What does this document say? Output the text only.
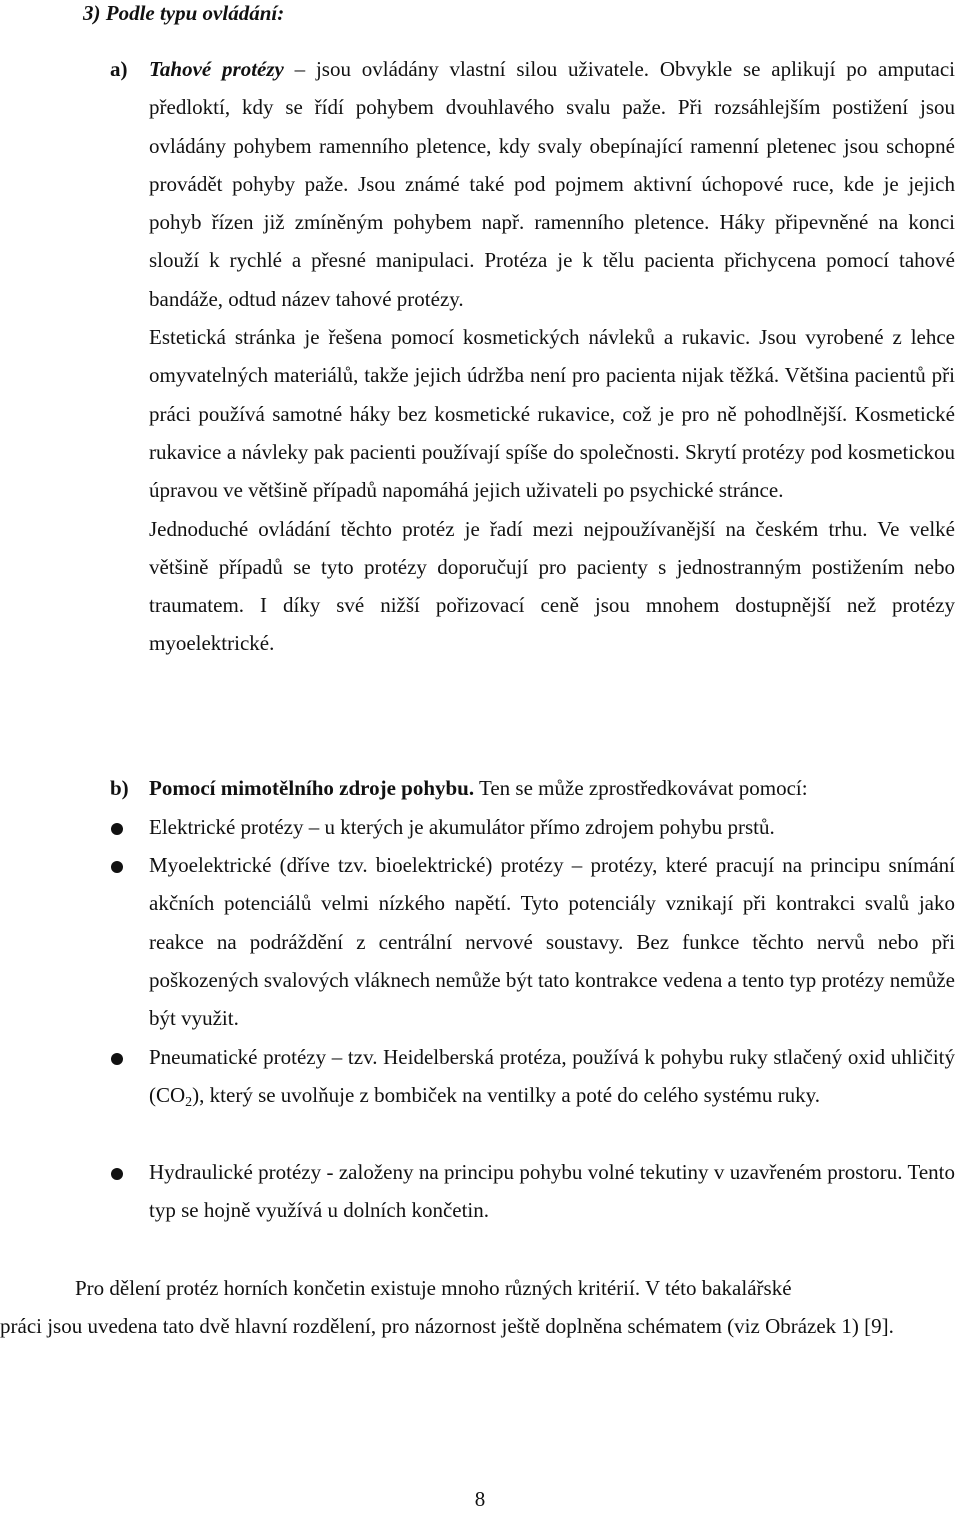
3) Podle typu ovládání:
a)	Tahové protézy – jsou ovládány vlastní silou uživatele. Obvykle se aplikují po amputaci předloktí, kdy se řídí pohybem dvouhlavého svalu paže. Při rozsáhlejším postižení jsou ovládány pohybem ramenního pletence, kdy svaly obepínající ramenní pletenec jsou schopné provádět pohyby paže. Jsou známé také pod pojmem aktivní úchopové ruce, kde je jejich pohyb řízen již zmíněným pohybem např. ramenního pletence. Háky připevněné na konci slouží k rychlé a přesné manipulaci. Protéza je k tělu pacienta přichycena pomocí tahové bandáže, odtud název tahové protézy.

Estetická stránka je řešena pomocí kosmetických návleků a rukavic. Jsou vyrobené z lehce omyvatelných materiálů, takže jejich údržba není pro pacienta nijak těžká. Většina pacientů při práci používá samotné háky bez kosmetické rukavice, což je pro ně pohodlnější. Kosmetické rukavice a návleky pak pacienti používají spíše do společnosti. Skrytí protézy pod kosmetickou úpravou ve většině případů napomáhá jejich uživateli po psychické stránce.

Jednoduché ovládání těchto protéz je řadí mezi nejpoužívanější na českém trhu. Ve velké většině případů se tyto protézy doporučují pro pacienty s jednostranným postižením nebo traumatem. I díky své nižší pořizovací ceně jsou mnohem dostupnější než protézy myoelektrické.

b) Pomocí mimotělního zdroje pohybu. Ten se může zprostředkovávat pomocí:

Elektrické protézy – u kterých je akumulátor přímo zdrojem pohybu prstů.

Myoelektrické (dříve tzv. bioelektrické) protézy – protézy, které pracují na principu snímání akčních potenciálů velmi nízkého napětí. Tyto potenciály vznikají při kontrakci svalů jako reakce na podráždění z centrální nervové soustavy. Bez funkce těchto nervů nebo při poškozených svalových vláknech nemůže být tato kontrakce vedena a tento typ protézy nemůže být využit.

Pneumatické protézy – tzv. Heidelberská protéza, používá k pohybu ruky stlačený oxid uhličitý $(CO_2)$, který se uvolňuje z bombiček na ventilky a poté do celého systému ruky.

Hydraulické protézy - založeny na principu pohybu volné tekutiny v uzavřeném prostoru. Tento typ se hojně využívá u dolních končetin.

Pro dělení protéz horních končetin existuje mnoho různých kritérií. V této bakalářské
práci jsou uvedena tato dvě hlavní rozdělení, pro názornost ještě doplněna schématem (viz Obrázek 1) [9].

8
